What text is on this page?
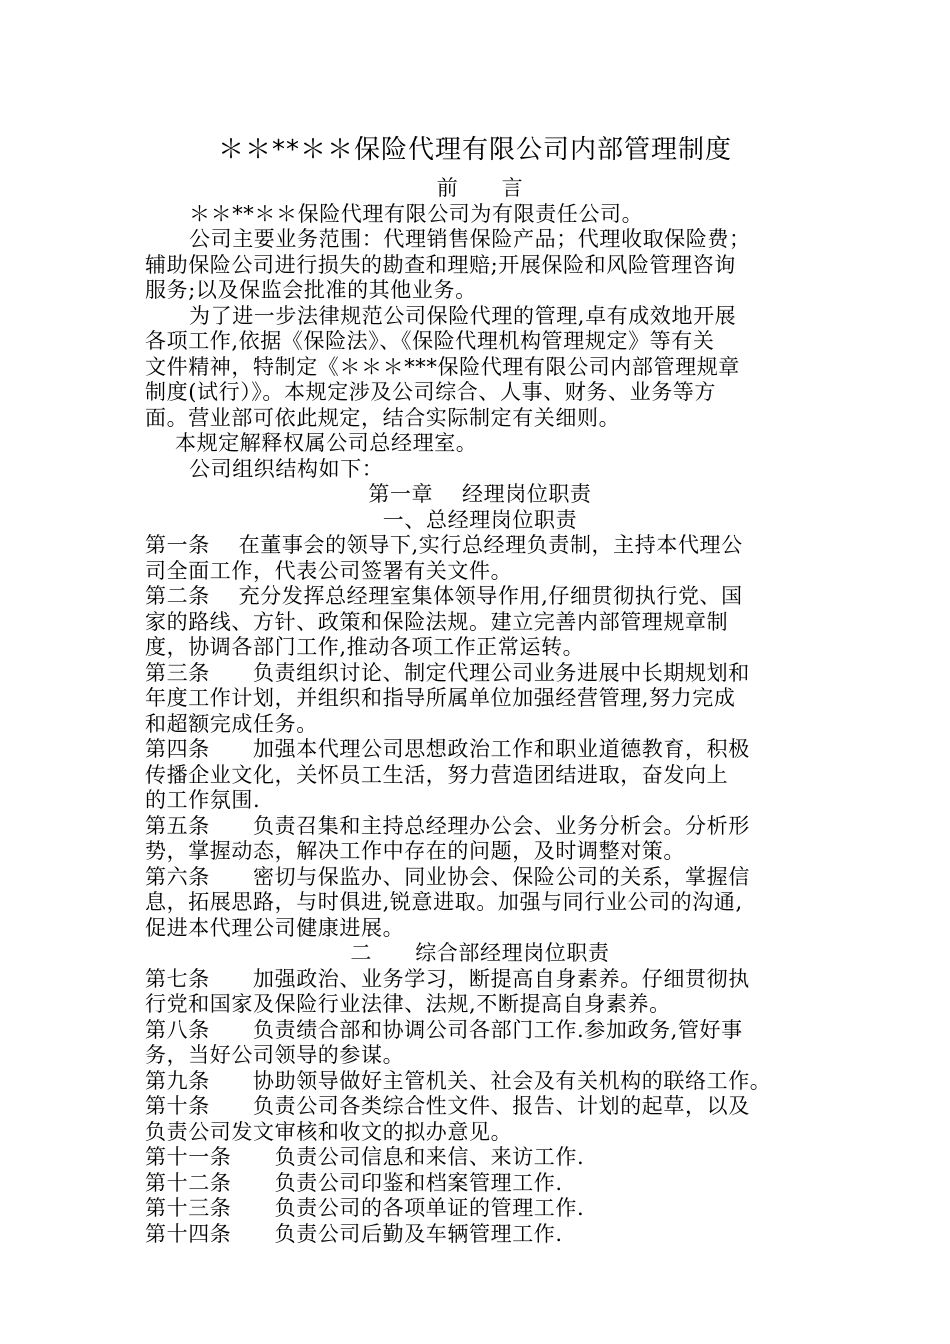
＊＊**＊＊保险代理有限公司内部管理制度
前　　言
＊＊**＊＊保险代理有限公司为有限责任公司。
公司主要业务范围：代理销售保险产品；代理收取保险费；
辅助保险公司进行损失的勘查和理赔;开展保险和风险管理咨询
服务;以及保监会批准的其他业务。
为了进一步法律规范公司保险代理的管理,卓有成效地开展
各项工作,依据《保险法》、《保险代理机构管理规定》等有关
文件精神，特制定《＊＊＊***保险代理有限公司内部管理规章
制度(试行）》。本规定涉及公司综合、人事、财务、业务等方
面。营业部可依此规定，结合实际制定有关细则。
本规定解释权属公司总经理室。
公司组织结构如下：
第一章　 经理岗位职责
一、总经理岗位职责
第一条　 在董事会的领导下,实行总经理负责制，主持本代理公
司全面工作，代表公司签署有关文件。
第二条　 充分发挥总经理室集体领导作用,仔细贯彻执行党、国
家的路线、方针、政策和保险法规。建立完善内部管理规章制
度，协调各部门工作,推动各项工作正常运转。
第三条　　负责组织讨论、制定代理公司业务进展中长期规划和
年度工作计划，并组织和指导所属单位加强经营管理,努力完成
和超额完成任务。
第四条　　加强本代理公司思想政治工作和职业道德教育，积极
传播企业文化，关怀员工生活，努力营造团结进取，奋发向上
的工作氛围.
第五条　　负责召集和主持总经理办公会、业务分析会。分析形
势，掌握动态，解决工作中存在的问题，及时调整对策。
第六条　　密切与保监办、同业协会、保险公司的关系，掌握信
息，拓展思路，与时俱进,锐意进取。加强与同行业公司的沟通,
促进本代理公司健康进展。
二　　综合部经理岗位职责
第七条　　加强政治、业务学习，断提高自身素养。仔细贯彻执
行党和国家及保险行业法律、法规,不断提高自身素养。
第八条　　负责绩合部和协调公司各部门工作.参加政务,管好事
务，当好公司领导的参谋。
第九条　　协助领导做好主管机关、社会及有关机构的联络工作。
第十条　　负责公司各类综合性文件、报告、计划的起草，以及
负责公司发文审核和收文的拟办意见。
第十一条　　负责公司信息和来信、来访工作.
第十二条　　负责公司印鉴和档案管理工作.
第十三条　　负责公司的各项单证的管理工作.
第十四条　　负责公司后勤及车辆管理工作.
